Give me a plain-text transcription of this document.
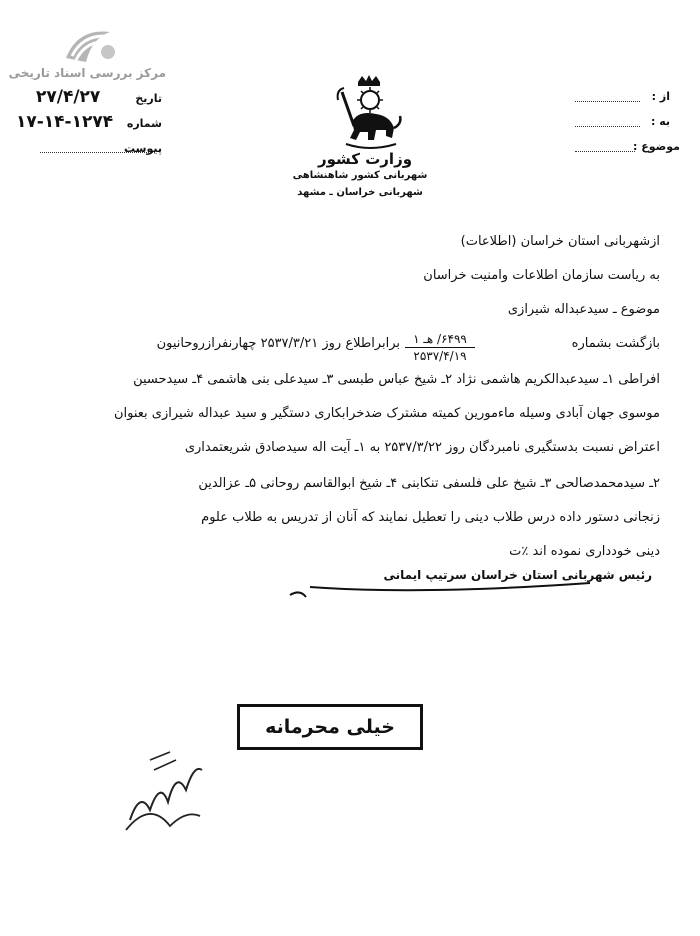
مرکز بررسی اسناد تاریخی
تاریخ
۲۷/۴/۲۷
شماره
۱۷-۱۴-۱۲۷۴
پیوست
از :
به :
موضوع :
وزارت کشور
شهربانی کشور شاهنشاهی
شهربانی خراسان ـ مشهد
ازشهربانی استان خراسان (اطلاعات)
به ریاست سازمان اطلاعات وامنیت خراسان
موضوع ـ سیدعبداله شیرازی
بازگشت بشماره
۶۴۹۹/ هـ ۱
۲۵۳۷/۴/۱۹
برابراطلاع روز ۲۵۳۷/۳/۲۱ چهارنفرازروحانیون
افراطی ۱ـ سیدعبدالکریم هاشمی نژاد ۲ـ شیخ عباس طبسی ۳ـ سیدعلی بنی هاشمی ۴ـ سیدحسین
موسوی جهان آبادی وسیله ماءمورین کمیته مشترک ضدخرابکاری دستگیر و سید عبداله شیرازی بعنوان
اعتراض نسبت بدستگیری نامبردگان روز ۲۵۳۷/۳/۲۲ به ۱ـ آیت اله سیدصادق شریعتمداری
۲ـ سیدمحمدصالحی ۳ـ شیخ علی فلسفی تنکابنی ۴ـ شیخ ابوالقاسم روحانی ۵ـ عزالدین
زنجانی دستور داده درس طلاب دینی را تعطیل نمایند که آنان از تدریس به طلاب علوم
دینی خودداری نموده اند ٪ت
رئیس شهربانی استان خراسان سرتیپ ایمانی
خیلی محرمانه
